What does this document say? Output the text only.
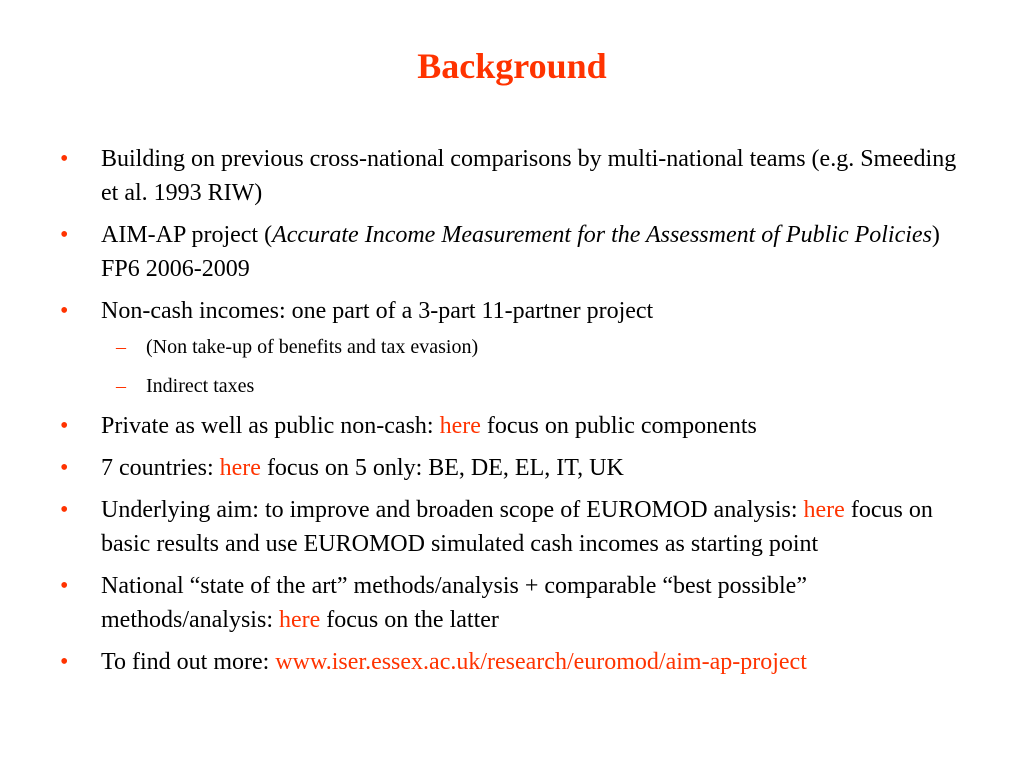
Background
• Building on previous cross-national comparisons by multi-national teams (e.g. Smeeding et al. 1993 RIW)
• AIM-AP project (Accurate Income Measurement for the Assessment of Public Policies) FP6 2006-2009
• Non-cash incomes: one part of a 3-part 11-partner project
– (Non take-up of benefits and tax evasion)
– Indirect taxes
• Private as well as public non-cash: here focus on public components
• 7 countries: here focus on 5 only: BE, DE, EL, IT, UK
• Underlying aim: to improve and broaden scope of EUROMOD analysis: here focus on basic results and use EUROMOD simulated cash incomes as starting point
• National “state of the art” methods/analysis + comparable “best possible” methods/analysis: here focus on the latter
• To find out more: www.iser.essex.ac.uk/research/euromod/aim-ap-project
